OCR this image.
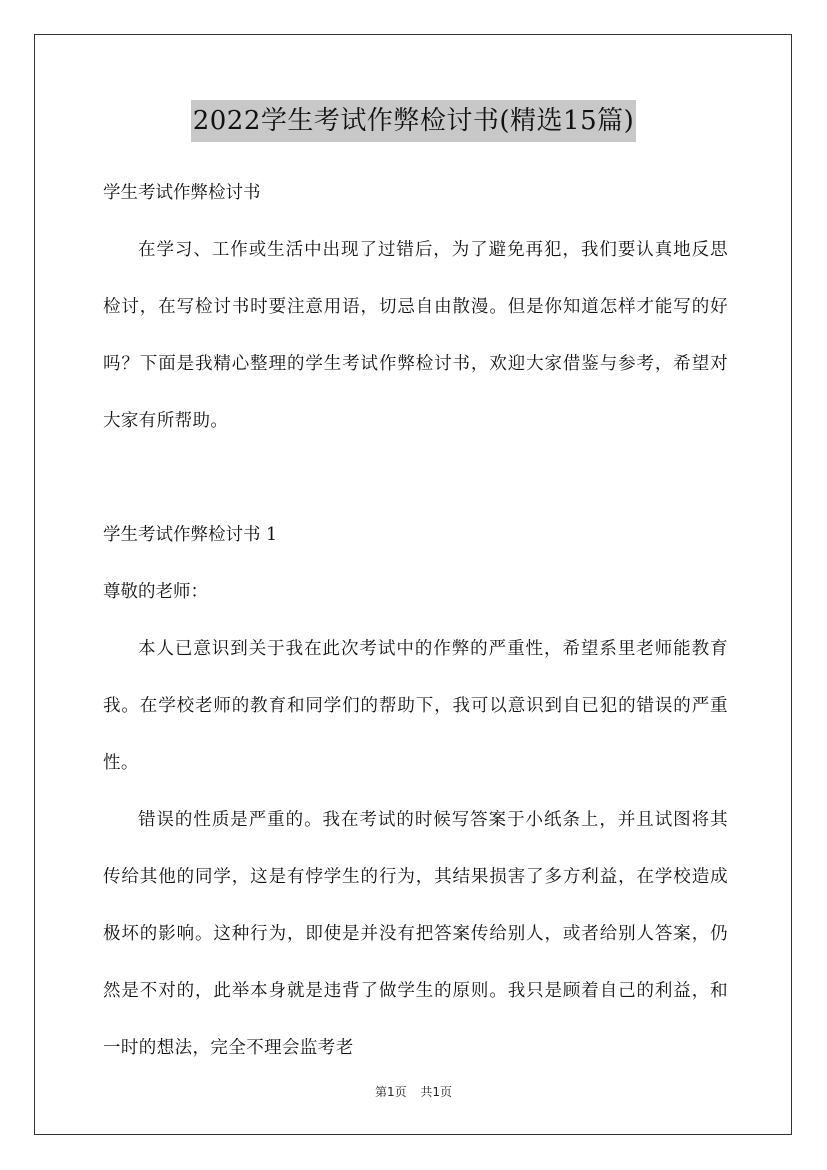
2022学生考试作弊检讨书(精选15篇)

学生考试作弊检讨书

在学习、工作或生活中出现了过错后，为了避免再犯，我们要认真地反思检讨，在写检讨书时要注意用语，切忌自由散漫。但是你知道怎样才能写的好吗？下面是我精心整理的学生考试作弊检讨书，欢迎大家借鉴与参考，希望对大家有所帮助。

学生考试作弊检讨书 1

尊敬的老师：

本人已意识到关于我在此次考试中的作弊的严重性，希望系里老师能教育我。在学校老师的教育和同学们的帮助下，我可以意识到自已犯的错误的严重性。

错误的性质是严重的。我在考试的时候写答案于小纸条上，并且试图将其传给其他的同学，这是有悖学生的行为，其结果损害了多方利益，在学校造成极坏的影响。这种行为，即使是并没有把答案传给别人，或者给别人答案，仍然是不对的，此举本身就是违背了做学生的原则。我只是顾着自己的利益，和一时的想法，完全不理会监考老

第1页 共1页
